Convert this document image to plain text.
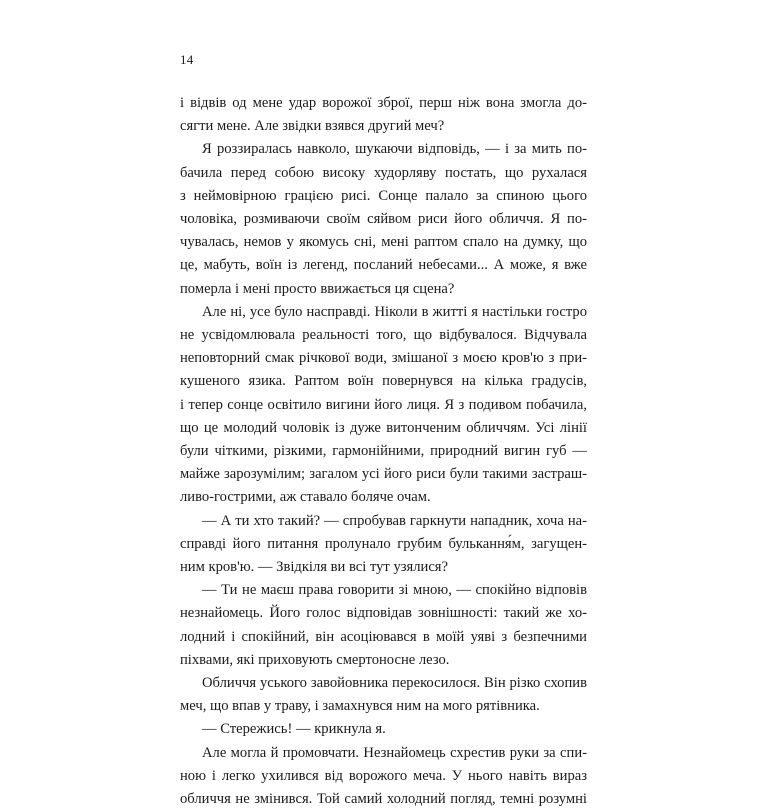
14
і відвів од мене удар ворожої зброї, перш ніж вона змогла до-
сягти мене. Але звідки взявся другий меч?
Я роззиралась навколо, шукаючи відповідь, — і за мить по-
бачила перед собою високу худорляву постать, що рухалася
з неймовірною грацією рисі. Сонце палало за спиною цього
чоловіка, розмиваючи своїм сяйвом риси його обличчя. Я по-
чувалась, немов у якомусь сні, мені раптом спало на думку, що
це, мабуть, воїн із легенд, посланий небесами... А може, я вже
померла і мені просто ввижається ця сцена?
Але ні, усе було насправді. Ніколи в житті я настільки гостро
не усвідомлювала реальності того, що відбувалося. Відчувала
неповторний смак річкової води, змішаної з моєю кров'ю з при-
кушеного язика. Раптом воїн повернувся на кілька градусів,
і тепер сонце освітило вигини його лиця. Я з подивом побачила,
що це молодий чоловік із дуже витонченим обличчям. Усі лінії
були чіткими, різкими, гармонійними, природний вигин губ —
майже зарозумілим; загалом усі його риси були такими застраш-
ливо-гострими, аж ставало боляче очам.
— А ти хто такий? — спробував гаркнути нападник, хоча на-
справді його питання пролунало грубим булькання́м, загущен-
ним кров'ю. — Звідкіля ви всі тут узялися?
— Ти не маєш права говорити зі мною, — спокійно відповів
незнайомець. Його голос відповідав зовнішності: такий же хо-
лодний і спокійний, він асоціювався в моїй уяві з безпечними
піхвами, які приховують смертоносне лезо.
Обличчя уського завойовника перекосилося. Він різко схопив
меч, що впав у траву, і замахнувся ним на мого рятівника.
— Стережись! — крикнула я.
Але могла й промовчати. Незнайомець схрестив руки за спи-
ною і легко ухилився від ворожого меча. У нього навіть вираз
обличчя не змінився. Той самий холодний погляд, темні розумні
